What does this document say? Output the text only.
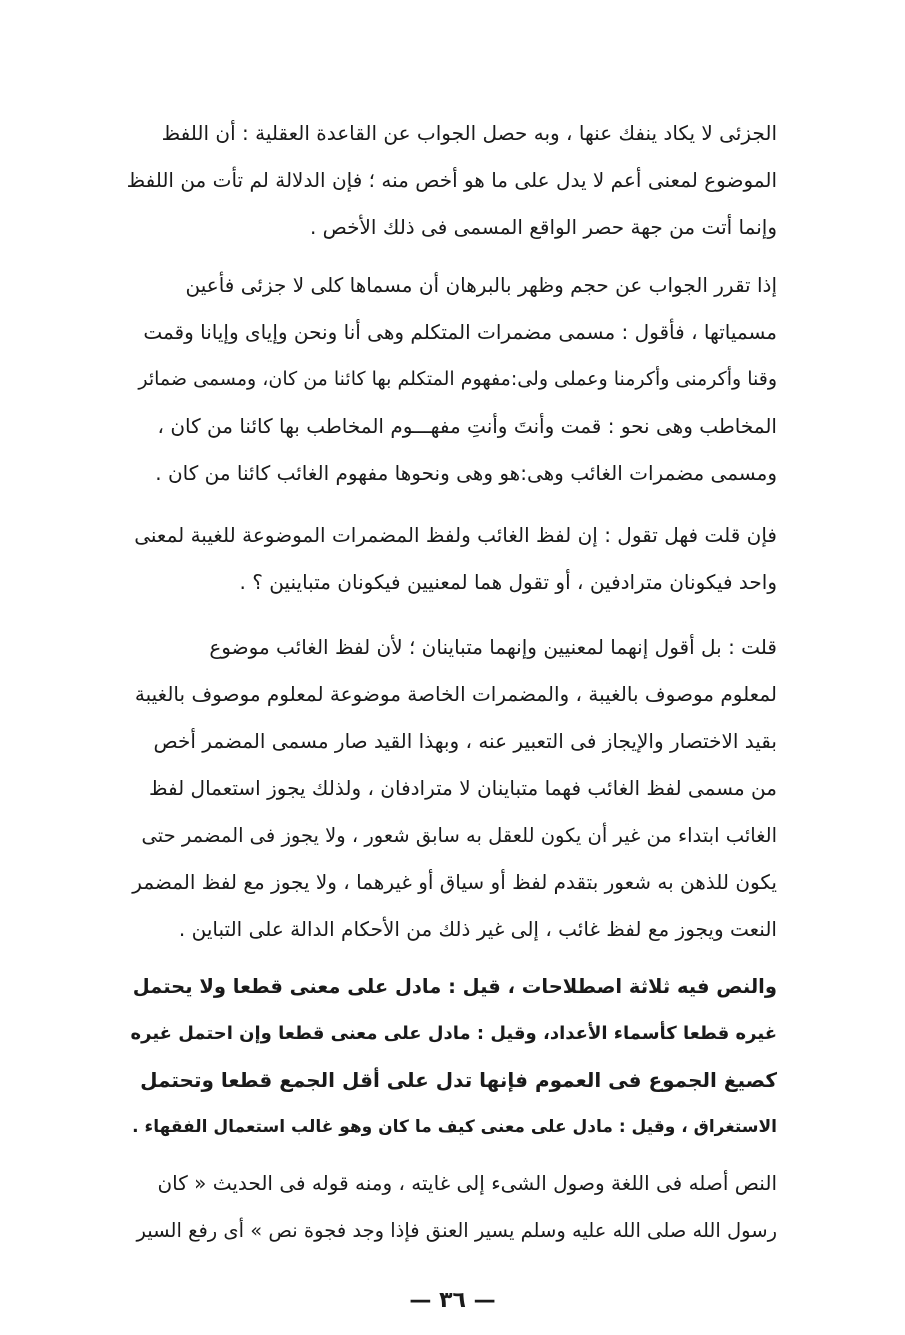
الجزئى لا يكاد ينفك عنها ، وبه حصل الجواب عن القاعدة العقلية : أن اللفظ
الموضوع لمعنى أعم لا يدل على ما هو أخص منه ؛ فإن الدلالة لم تأت من اللفظ
وإنما أتت من جهة حصر الواقع المسمى فى ذلك الأخص .
إذا تقرر الجواب عن حجم وظهر بالبرهان أن مسماها كلى لا جزئى فأعين
مسمياتها ، فأقول : مسمى مضمرات المتكلم وهى أنا ونحن وإياى وإيانا وقمت
وقنا وأكرمنى وأكرمنا وعملى ولى:مفهوم المتكلم بها كائنا من كان، ومسمى ضمائر
المخاطب وهى نحو : قمت وأنتَ وأنتِ مفهـــوم المخاطب بها كائنا من كان ،
ومسمى مضمرات الغائب وهى:هو وهى ونحوها مفهوم الغائب كائنا من كان .
فإن قلت فهل تقول : إن لفظ الغائب ولفظ المضمرات الموضوعة للغيبة لمعنى
واحد فيكونان مترادفين ، أو تقول هما لمعنيين فيكونان متباينين ؟ .
قلت : بل أقول إنهما لمعنيين وإنهما متباينان ؛ لأن لفظ الغائب موضوع
لمعلوم موصوف بالغيبة ، والمضمرات الخاصة موضوعة لمعلوم موصوف بالغيبة
بقيد الاختصار والإيجاز فى التعبير عنه ، وبهذا القيد صار مسمى المضمر أخص
من مسمى لفظ الغائب فهما متباينان لا مترادفان ، ولذلك يجوز استعمال لفظ
الغائب ابتداء من غير أن يكون للعقل به سابق شعور ، ولا يجوز فى المضمر حتى
يكون للذهن به شعور بتقدم لفظ أو سياق أو غيرهما ، ولا يجوز مع لفظ المضمر
النعت ويجوز مع لفظ غائب ، إلى غير ذلك من الأحكام الدالة على التباين .
والنص فيه ثلاثة اصطلاحات ، قيل : مادل على معنى قطعا ولا يحتمل
غيره قطعا كأسماء الأعداد، وقيل : مادل على معنى قطعا وإن احتمل غيره
كصيغ الجموع فى العموم فإنها تدل على أقل الجمع قطعا وتحتمل
الاستغراق ، وقيل : مادل على معنى كيف ما كان وهو غالب استعمال الفقهاء .
النص أصله فى اللغة وصول الشىء إلى غايته ، ومنه قوله فى الحديث « كان
رسول الله صلى الله عليه وسلم يسير العنق فإذا وجد فجوة نص » أى رفع السير
— ٣٦ —
